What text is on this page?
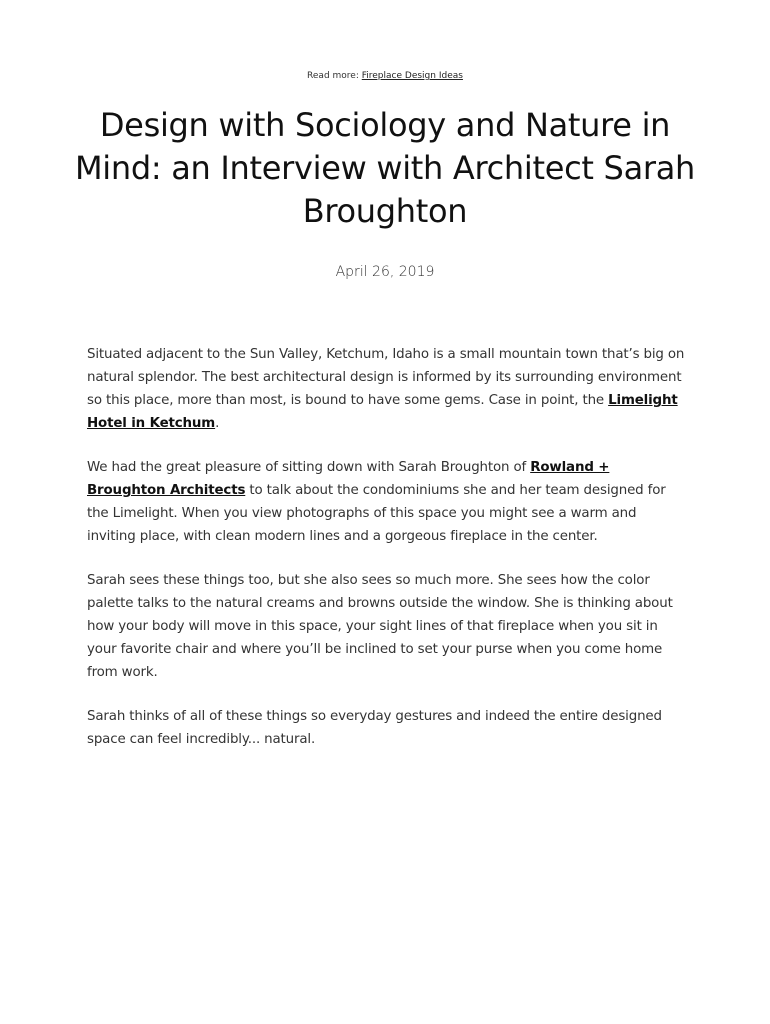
Read more: Fireplace Design Ideas
Design with Sociology and Nature in Mind: an Interview with Architect Sarah Broughton
April 26, 2019

Situated adjacent to the Sun Valley, Ketchum, Idaho is a small mountain town that’s big on natural splendor. The best architectural design is informed by its surrounding environment so this place, more than most, is bound to have some gems. Case in point, the Limelight Hotel in Ketchum.

We had the great pleasure of sitting down with Sarah Broughton of Rowland + Broughton Architects to talk about the condominiums she and her team designed for the Limelight. When you view photographs of this space you might see a warm and inviting place, with clean modern lines and a gorgeous fireplace in the center.

Sarah sees these things too, but she also sees so much more. She sees how the color palette talks to the natural creams and browns outside the window. She is thinking about how your body will move in this space, your sight lines of that fireplace when you sit in your favorite chair and where you’ll be inclined to set your purse when you come home from work.

Sarah thinks of all of these things so everyday gestures and indeed the entire designed space can feel incredibly... natural.
